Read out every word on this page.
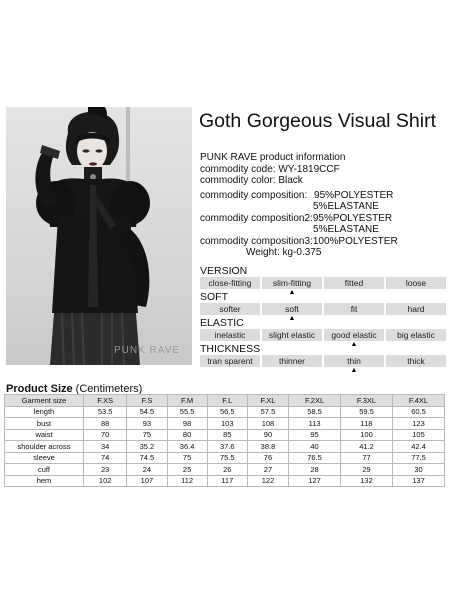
PUNK RAVE
Goth Gorgeous Visual Shirt
PUNK RAVE product information
commodity code: WY-1819CCF
commodity color: Black
commodity composition: 95%POLYESTER
5%ELASTANE
commodity composition2:95%POLYESTER
5%ELASTANE
commodity composition3:100%POLYESTER
Weight: kg-0.375
VERSION
close-fitting	slim-fitting	fitted	loose
▲
SOFT
softer	soft	fit	hard
▲
ELASTIC
inelastic	slight elastic	good elastic	big elastic
▲
THICKNESS
tran sparent	thinner	thin	thick
▲
Product Size (Centimeters)
Garment size	F.XS	F.S	F.M	F.L	F.XL	F.2XL	F.3XL	F.4XL
length	53.5	54.5	55.5	56.5	57.5	58.5	59.5	60.5
bust	88	93	98	103	108	113	118	123
waist	70	75	80	85	90	95	100	105
shoulder across	34	35.2	36.4	37.6	38.8	40	41.2	42.4
sleeve	74	74.5	75	75.5	76	76.5	77	77.5
cuff	23	24	25	26	27	28	29	30
hem	102	107	112	117	122	127	132	137
